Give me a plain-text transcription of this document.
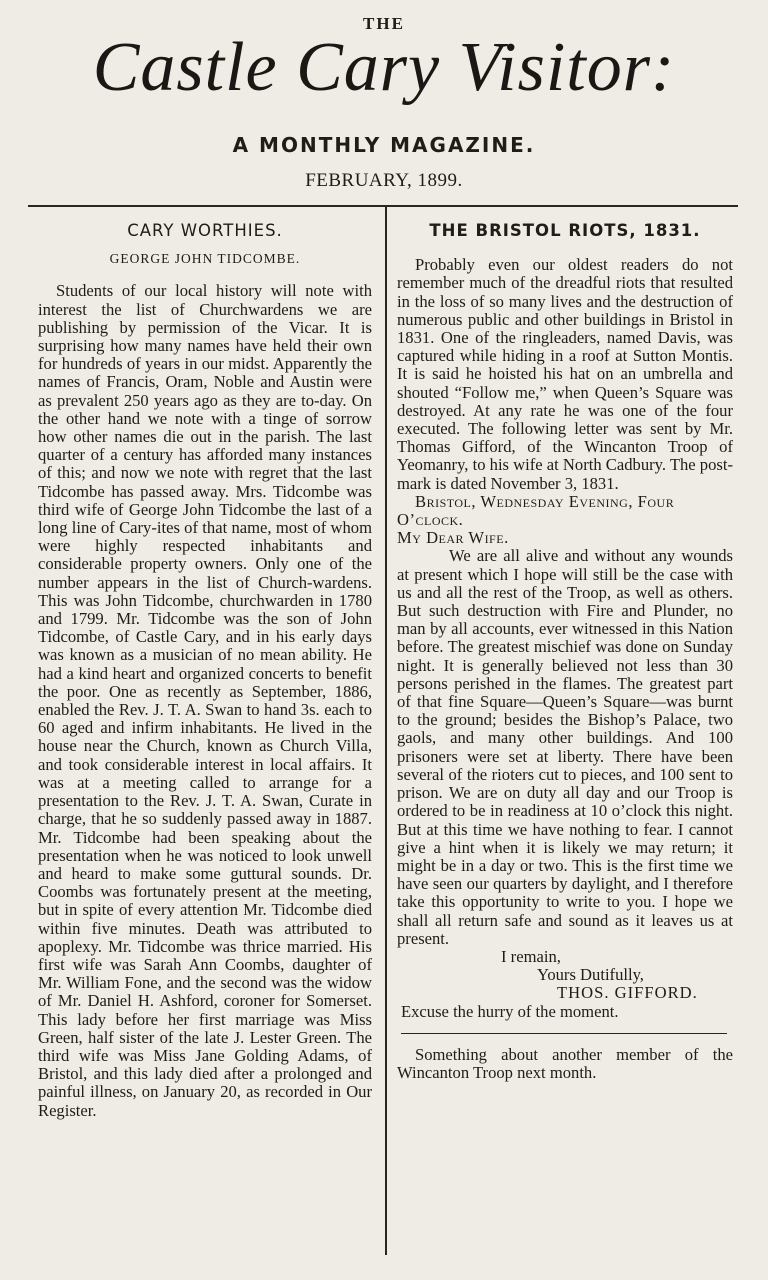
THE
Castle Cary Visitor:
A MONTHLY MAGAZINE.
FEBRUARY, 1899.
CARY WORTHIES.
GEORGE JOHN TIDCOMBE.

Students of our local history will note with interest the list of Churchwardens we are publishing by permission of the Vicar. It is surprising how many names have held their own for hundreds of years in our midst. Apparently the names of Francis, Oram, Noble and Austin were as prevalent 250 years ago as they are to-day. On the other hand we note with a tinge of sorrow how other names die out in the parish. The last quarter of a century has afforded many instances of this; and now we note with regret that the last Tidcombe has passed away. Mrs. Tidcombe was third wife of George John Tidcombe the last of a long line of Cary-ites of that name, most of whom were highly respected inhabitants and considerable property owners. Only one of the number appears in the list of Church-wardens. This was John Tidcombe, churchwarden in 1780 and 1799. Mr. Tidcombe was the son of John Tidcombe, of Castle Cary, and in his early days was known as a musician of no mean ability. He had a kind heart and organized concerts to benefit the poor. One as recently as September, 1886, enabled the Rev. J. T. A. Swan to hand 3s. each to 60 aged and infirm inhabitants. He lived in the house near the Church, known as Church Villa, and took considerable interest in local affairs. It was at a meeting called to arrange for a presentation to the Rev. J. T. A. Swan, Curate in charge, that he so suddenly passed away in 1887. Mr. Tidcombe had been speaking about the presentation when he was noticed to look unwell and heard to make some guttural sounds. Dr. Coombs was fortunately present at the meeting, but in spite of every attention Mr. Tidcombe died within five minutes. Death was attributed to apoplexy. Mr. Tidcombe was thrice married. His first wife was Sarah Ann Coombs, daughter of Mr. William Fone, and the second was the widow of Mr. Daniel H. Ashford, coroner for Somerset. This lady before her first marriage was Miss Green, half sister of the late J. Lester Green. The third wife was Miss Jane Golding Adams, of Bristol, and this lady died after a prolonged and painful illness, on January 20, as recorded in Our Register.

THE BRISTOL RIOTS, 1831.

Probably even our oldest readers do not remember much of the dreadful riots that resulted in the loss of so many lives and the destruction of numerous public and other buildings in Bristol in 1831. One of the ringleaders, named Davis, was captured while hiding in a roof at Sutton Montis. It is said he hoisted his hat on an umbrella and shouted “Follow me,” when Queen’s Square was destroyed. At any rate he was one of the four executed. The following letter was sent by Mr. Thomas Gifford, of the Wincanton Troop of Yeomanry, to his wife at North Cadbury. The post-mark is dated November 3, 1831.

Bristol, Wednesday Evening, Four O’clock.

My Dear Wife.

We are all alive and without any wounds at present which I hope will still be the case with us and all the rest of the Troop, as well as others. But such destruction with Fire and Plunder, no man by all accounts, ever witnessed in this Nation before. The greatest mischief was done on Sunday night. It is generally believed not less than 30 persons perished in the flames. The greatest part of that fine Square—Queen’s Square—was burnt to the ground; besides the Bishop’s Palace, two gaols, and many other buildings. And 100 prisoners were set at liberty. There have been several of the rioters cut to pieces, and 100 sent to prison. We are on duty all day and our Troop is ordered to be in readiness at 10 o’clock this night. But at this time we have nothing to fear. I cannot give a hint when it is likely we may return; it might be in a day or two. This is the first time we have seen our quarters by daylight, and I therefore take this opportunity to write to you. I hope we shall all return safe and sound as it leaves us at present.

I remain,

Yours Dutifully,

THOS. GIFFORD.

Excuse the hurry of the moment.

Something about another member of the Wincanton Troop next month.
